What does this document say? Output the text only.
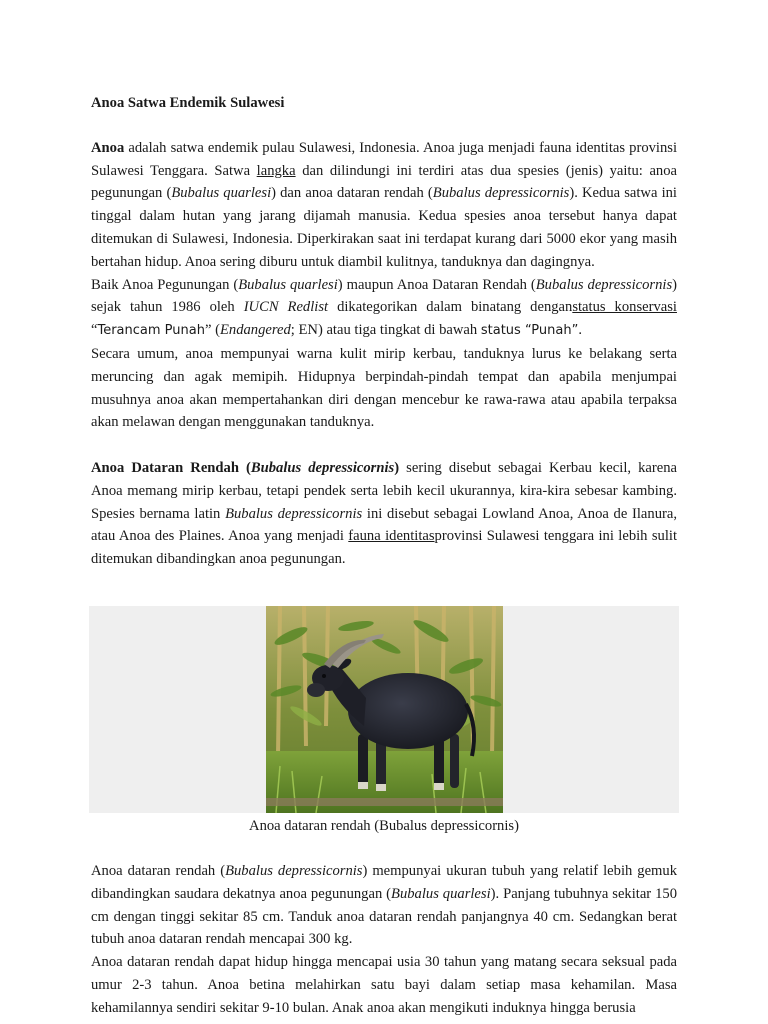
Anoa Satwa Endemik Sulawesi

Anoa adalah satwa endemik pulau Sulawesi, Indonesia. Anoa juga menjadi fauna identitas provinsi Sulawesi Tenggara. Satwa langka dan dilindungi ini terdiri atas dua spesies (jenis) yaitu: anoa pegunungan (Bubalus quarlesi) dan anoa dataran rendah (Bubalus depressicornis). Kedua satwa ini tinggal dalam hutan yang jarang dijamah manusia. Kedua spesies anoa tersebut hanya dapat ditemukan di Sulawesi, Indonesia. Diperkirakan saat ini terdapat kurang dari 5000 ekor yang masih bertahan hidup. Anoa sering diburu untuk diambil kulitnya, tanduknya dan dagingnya.

Baik Anoa Pegunungan (Bubalus quarlesi) maupun Anoa Dataran Rendah (Bubalus depressicornis) sejak tahun 1986 oleh IUCN Redlist dikategorikan dalam binatang denganstatus konservasi “Terancam Punah” (Endangered; EN) atau tiga tingkat di bawah status “Punah”.

Secara umum, anoa mempunyai warna kulit mirip kerbau, tanduknya lurus ke belakang serta meruncing dan agak memipih. Hidupnya berpindah-pindah tempat dan apabila menjumpai musuhnya anoa akan mempertahankan diri dengan mencebur ke rawa-rawa atau apabila terpaksa akan melawan dengan menggunakan tanduknya.

Anoa Dataran Rendah (Bubalus depressicornis) sering disebut sebagai Kerbau kecil, karena Anoa memang mirip kerbau, tetapi pendek serta lebih kecil ukurannya, kira-kira sebesar kambing. Spesies bernama latin Bubalus depressicornis ini disebut sebagai Lowland Anoa, Anoa de Ilanura, atau Anoa des Plaines. Anoa yang menjadi fauna identitasprovinsi Sulawesi tenggara ini lebih sulit ditemukan dibandingkan anoa pegunungan.

Anoa dataran rendah (Bubalus depressicornis)

Anoa dataran rendah (Bubalus depressicornis) mempunyai ukuran tubuh yang relatif lebih gemuk dibandingkan saudara dekatnya anoa pegunungan (Bubalus quarlesi). Panjang tubuhnya sekitar 150 cm dengan tinggi sekitar 85 cm. Tanduk anoa dataran rendah panjangnya 40 cm. Sedangkan berat tubuh anoa dataran rendah mencapai 300 kg.

Anoa dataran rendah dapat hidup hingga mencapai usia 30 tahun yang matang secara seksual pada umur 2-3 tahun. Anoa betina melahirkan satu bayi dalam setiap masa kehamilan. Masa kehamilannya sendiri sekitar 9-10 bulan. Anak anoa akan mengikuti induknya hingga berusia
